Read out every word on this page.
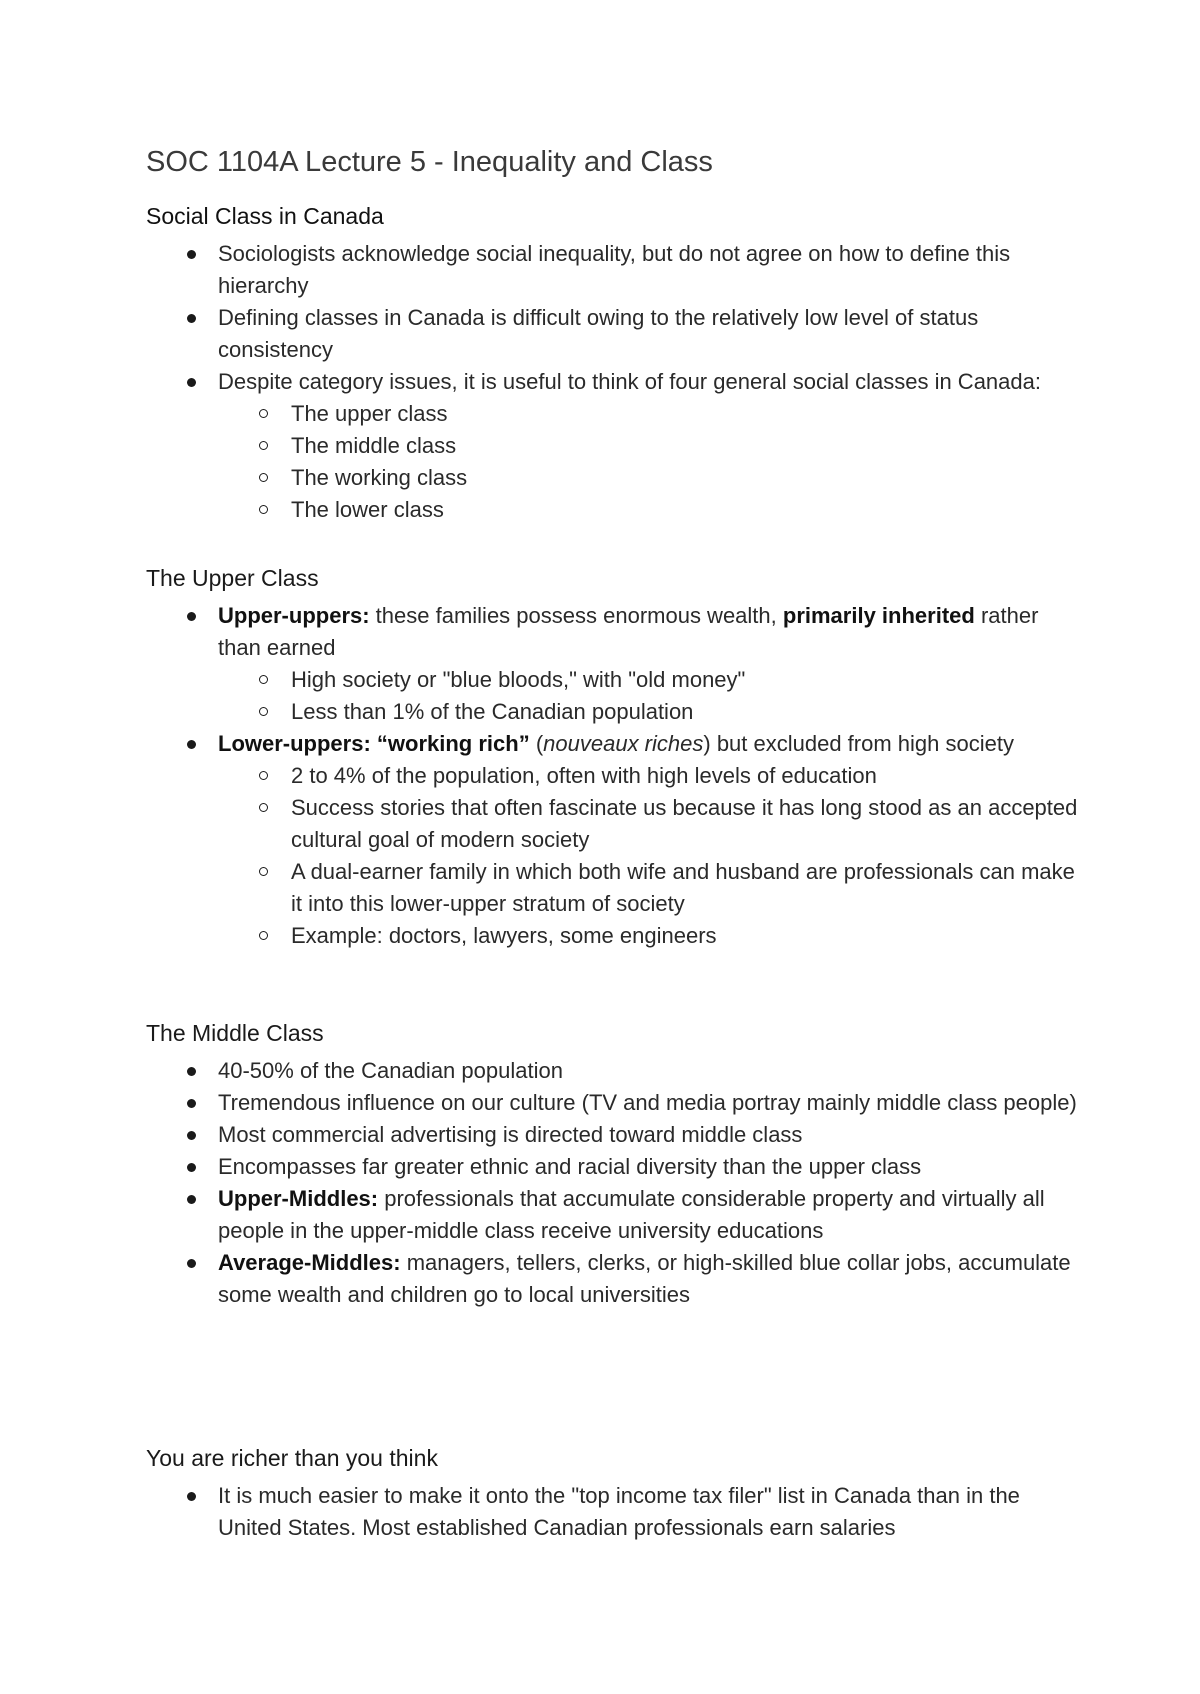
SOC 1104A Lecture 5 - Inequality and Class
Social Class in Canada
Sociologists acknowledge social inequality, but do not agree on how to define this hierarchy
Defining classes in Canada is difficult owing to the relatively low level of status consistency
Despite category issues, it is useful to think of four general social classes in Canada:
The upper class
The middle class
The working class
The lower class
The Upper Class
Upper-uppers: these families possess enormous wealth, primarily inherited rather than earned
High society or "blue bloods," with "old money"
Less than 1% of the Canadian population
Lower-uppers: “working rich” (nouveaux riches) but excluded from high society
2 to 4% of the population, often with high levels of education
Success stories that often fascinate us because it has long stood as an accepted cultural goal of modern society
A dual-earner family in which both wife and husband are professionals can make it into this lower-upper stratum of society
Example: doctors, lawyers, some engineers
The Middle Class
40-50% of the Canadian population
Tremendous influence on our culture (TV and media portray mainly middle class people)
Most commercial advertising is directed toward middle class
Encompasses far greater ethnic and racial diversity than the upper class
Upper-Middles: professionals that accumulate considerable property and virtually all people in the upper-middle class receive university educations
Average-Middles: managers, tellers, clerks, or high-skilled blue collar jobs, accumulate some wealth and children go to local universities
You are richer than you think
It is much easier to make it onto the "top income tax filer" list in Canada than in the United States. Most established Canadian professionals earn salaries
